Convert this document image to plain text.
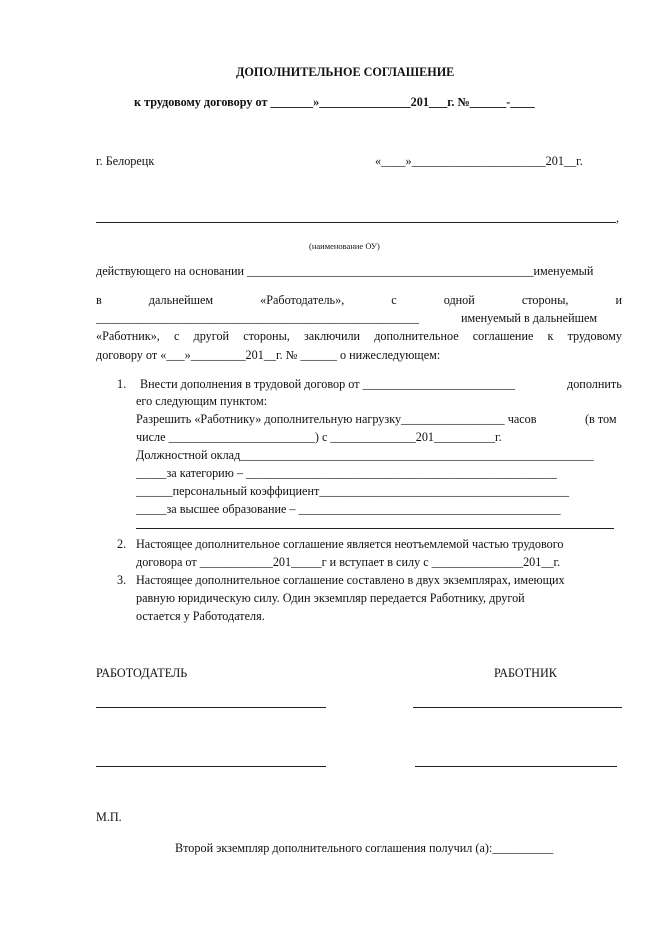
ДОПОЛНИТЕЛЬНОЕ СОГЛАШЕНИЕ
к трудовому договору от _______»_______________201___г. №______-____
г. Белорецк	«____»______________________201__г.
,
(наименование ОУ)
действующего на основании _______________________________________________именуемый
в	дальнейшем	«Работодатель»,	с	одной	стороны,	и
_____________________________________________________	именуемый в дальнейшем
«Работник», с другой стороны, заключили дополнительное соглашение к трудовому
договору от «___»_________201__г. № ______ о нижеследующем:
1. Внести дополнения в трудовой договор от _________________________	дополнить
его следующим пунктом:
Разрешить «Работнику» дополнительную нагрузку_________________ часов	(в том
числе ________________________) с ______________201__________г.
Должностной оклад__________________________________________________________
_____за категорию – ___________________________________________________
______персональный коэффициент_________________________________________
_____за высшее образование – ___________________________________________
2. Настоящее дополнительное соглашение является неотъемлемой частью трудового
договора от ____________201_____г и вступает в силу с _______________201__г.
3. Настоящее дополнительное соглашение составлено в двух экземплярах, имеющих
равную юридическую силу. Один экземпляр передается Работнику, другой
остается у Работодателя.
РАБОТОДАТЕЛЬ	РАБОТНИК
М.П.
Второй экземпляр дополнительного соглашения получил (а):__________
